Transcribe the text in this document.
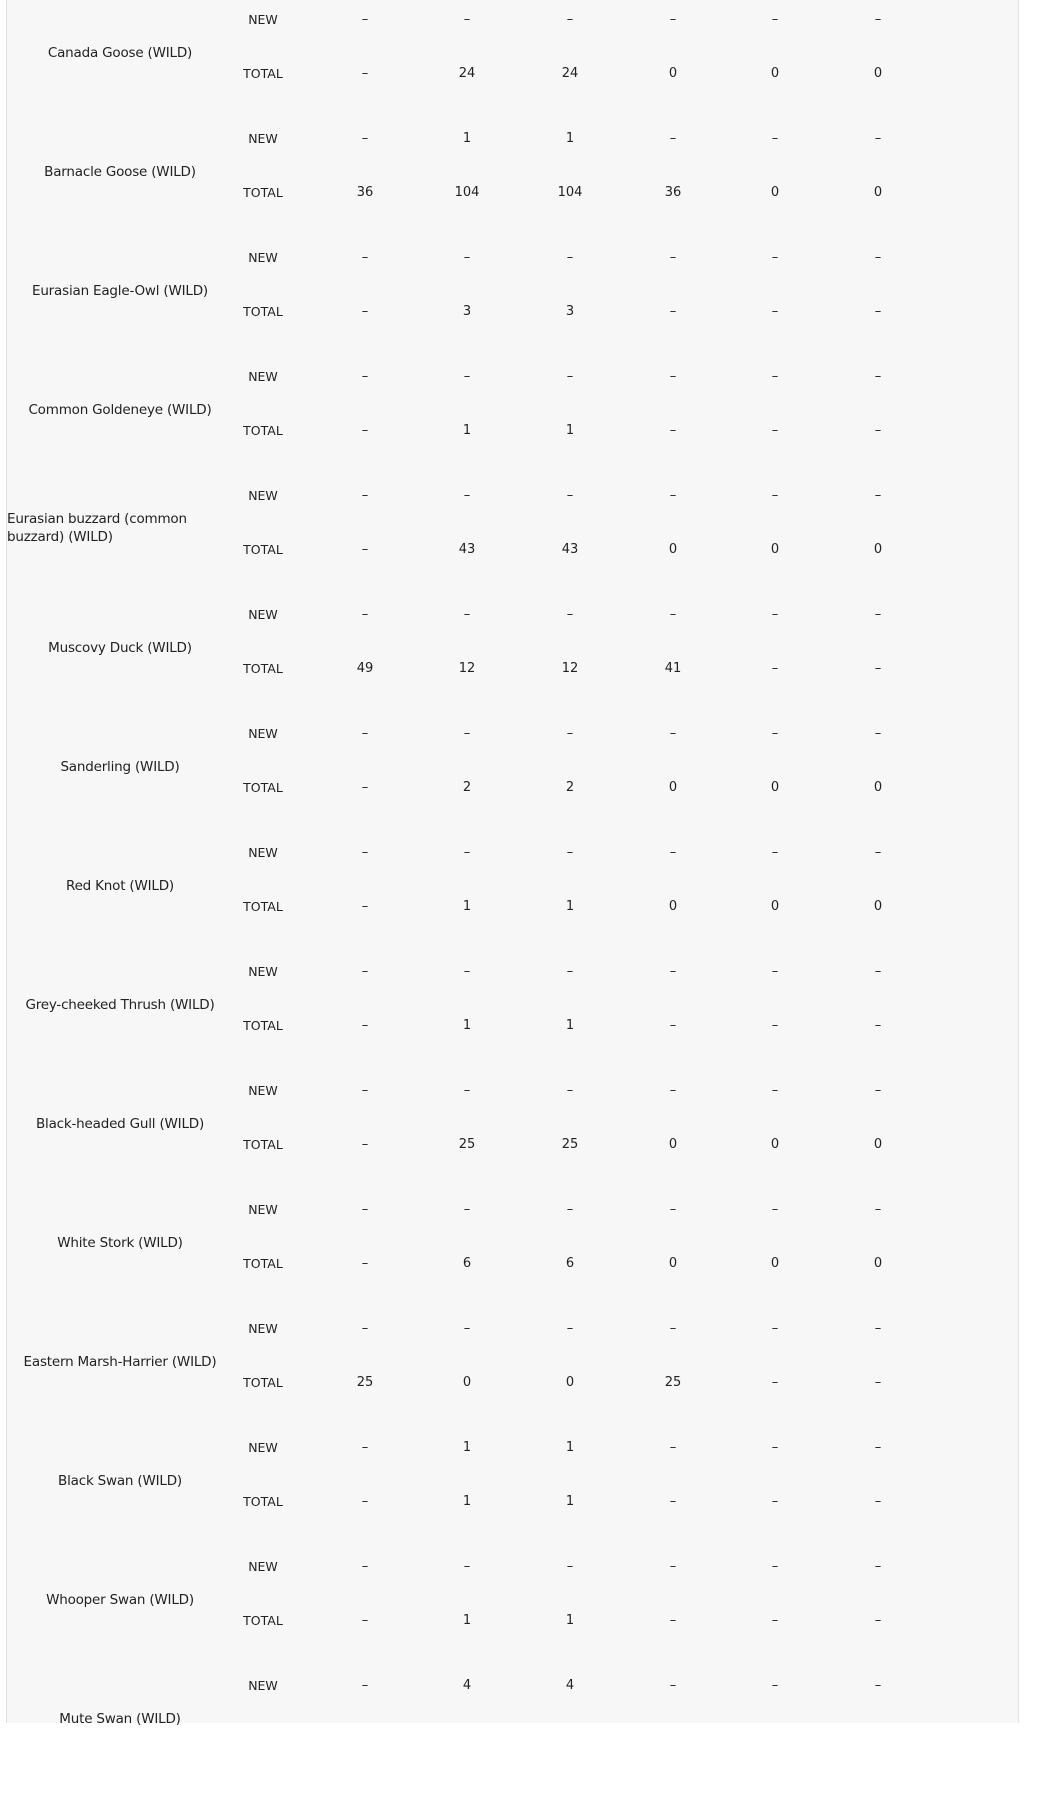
Canada Goose (WILD)
NEW	–	–	–	–	–	–
TOTAL	–	24	24	0	0	0
Barnacle Goose (WILD)
NEW	–	1	1	–	–	–
TOTAL	36	104	104	36	0	0
Eurasian Eagle-Owl (WILD)
NEW	–	–	–	–	–	–
TOTAL	–	3	3	–	–	–
Common Goldeneye (WILD)
NEW	–	–	–	–	–	–
TOTAL	–	1	1	–	–	–
Eurasian buzzard (common buzzard) (WILD)
NEW	–	–	–	–	–	–
TOTAL	–	43	43	0	0	0
Muscovy Duck (WILD)
NEW	–	–	–	–	–	–
TOTAL	49	12	12	41	–	–
Sanderling (WILD)
NEW	–	–	–	–	–	–
TOTAL	–	2	2	0	0	0
Red Knot (WILD)
NEW	–	–	–	–	–	–
TOTAL	–	1	1	0	0	0
Grey-cheeked Thrush (WILD)
NEW	–	–	–	–	–	–
TOTAL	–	1	1	–	–	–
Black-headed Gull (WILD)
NEW	–	–	–	–	–	–
TOTAL	–	25	25	0	0	0
White Stork (WILD)
NEW	–	–	–	–	–	–
TOTAL	–	6	6	0	0	0
Eastern Marsh-Harrier (WILD)
NEW	–	–	–	–	–	–
TOTAL	25	0	0	25	–	–
Black Swan (WILD)
NEW	–	1	1	–	–	–
TOTAL	–	1	1	–	–	–
Whooper Swan (WILD)
NEW	–	–	–	–	–	–
TOTAL	–	1	1	–	–	–
Mute Swan (WILD)
NEW	–	4	4	–	–	–
